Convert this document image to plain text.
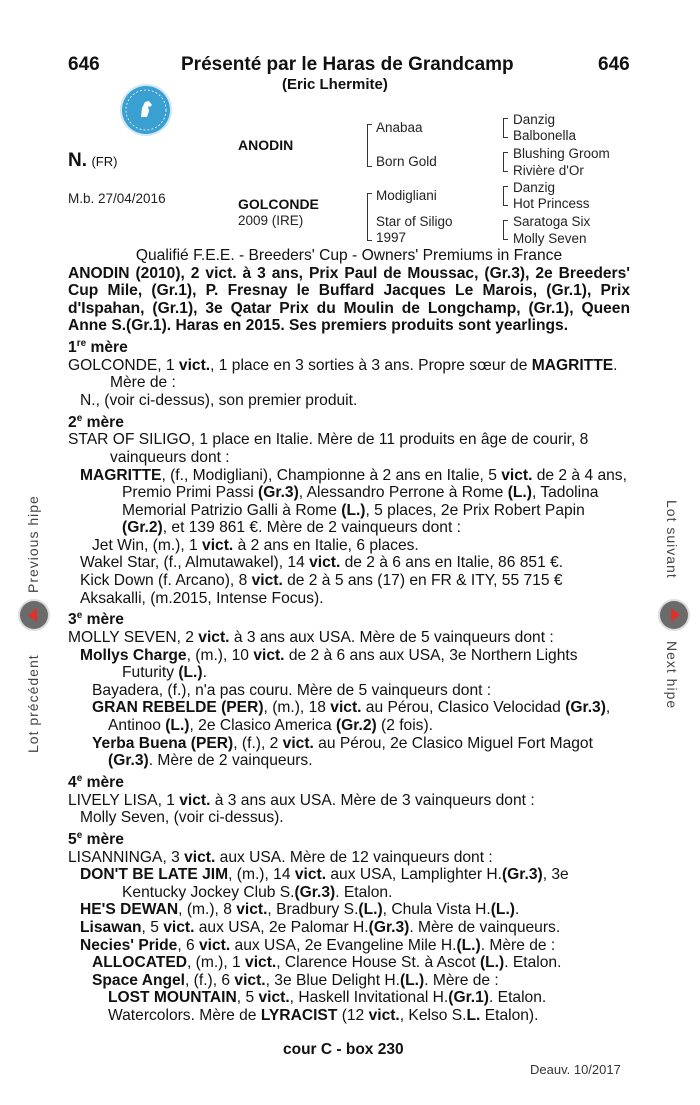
646	Présenté par le Haras de Grandcamp	646
(Eric Lhermite)
N. (FR)
M.b. 27/04/2016
ANODIN
GOLCONDE
2009 (IRE)
Anabaa
Born Gold
Modigliani
Star of Siligo
1997
Danzig
Balbonella
Blushing Groom
Rivière d'Or
Danzig
Hot Princess
Saratoga Six
Molly Seven

Qualifié F.E.E. - Breeders' Cup - Owners' Premiums in France

ANODIN (2010), 2 vict. à 3 ans, Prix Paul de Moussac, (Gr.3), 2e Breeders' Cup Mile, (Gr.1), P. Fresnay le Buffard Jacques Le Marois, (Gr.1), Prix d'Ispahan, (Gr.1), 3e Qatar Prix du Moulin de Longchamp, (Gr.1), Queen Anne S.(Gr.1). Haras en 2015. Ses premiers produits sont yearlings.

1re mère

GOLCONDE, 1 vict., 1 place en 3 sorties à 3 ans. Propre sœur de MAGRITTE. Mère de :

N., (voir ci-dessus), son premier produit.

2e mère

STAR OF SILIGO, 1 place en Italie. Mère de 11 produits en âge de courir, 8 vainqueurs dont :

MAGRITTE, (f., Modigliani), Championne à 2 ans en Italie, 5 vict. de 2 à 4 ans, Premio Primi Passi (Gr.3), Alessandro Perrone à Rome (L.), Tadolina Memorial Patrizio Galli à Rome (L.), 5 places, 2e Prix Robert Papin (Gr.2), et 139 861 €. Mère de 2 vainqueurs dont :

Jet Win, (m.), 1 vict. à 2 ans en Italie, 6 places.

Wakel Star, (f., Almutawakel), 14 vict. de 2 à 6 ans en Italie, 86 851 €.

Kick Down (f. Arcano), 8 vict. de 2 à 5 ans (17) en FR & ITY, 55 715 €

Aksakalli, (m.2015, Intense Focus).

3e mère

MOLLY SEVEN, 2 vict. à 3 ans aux USA. Mère de 5 vainqueurs dont :

Mollys Charge, (m.), 10 vict. de 2 à 6 ans aux USA, 3e Northern Lights Futurity (L.).

Bayadera, (f.), n'a pas couru. Mère de 5 vainqueurs dont :

GRAN REBELDE (PER), (m.), 18 vict. au Pérou, Clasico Velocidad (Gr.3), Antinoo (L.), 2e Clasico America (Gr.2) (2 fois).

Yerba Buena (PER), (f.), 2 vict. au Pérou, 2e Clasico Miguel Fort Magot (Gr.3). Mère de 2 vainqueurs.

4e mère

LIVELY LISA, 1 vict. à 3 ans aux USA. Mère de 3 vainqueurs dont :

Molly Seven, (voir ci-dessus).

5e mère

LISANNINGA, 3 vict. aux USA. Mère de 12 vainqueurs dont :

DON'T BE LATE JIM, (m.), 14 vict. aux USA, Lamplighter H.(Gr.3), 3e Kentucky Jockey Club S.(Gr.3). Etalon.

HE'S DEWAN, (m.), 8 vict., Bradbury S.(L.), Chula Vista H.(L.).

Lisawan, 5 vict. aux USA, 2e Palomar H.(Gr.3). Mère de vainqueurs.

Necies' Pride, 6 vict. aux USA, 2e Evangeline Mile H.(L.). Mère de :

ALLOCATED, (m.), 1 vict., Clarence House St. à Ascot (L.). Etalon.

Space Angel, (f.), 6 vict., 3e Blue Delight H.(L.). Mère de :

LOST MOUNTAIN, 5 vict., Haskell Invitational H.(Gr.1). Etalon.

Watercolors. Mère de LYRACIST (12 vict., Kelso S.L. Etalon).

cour C - box 230
Deauv. 10/2017
Previous hipe
Lot précédent
Lot suivant
Next hipe
